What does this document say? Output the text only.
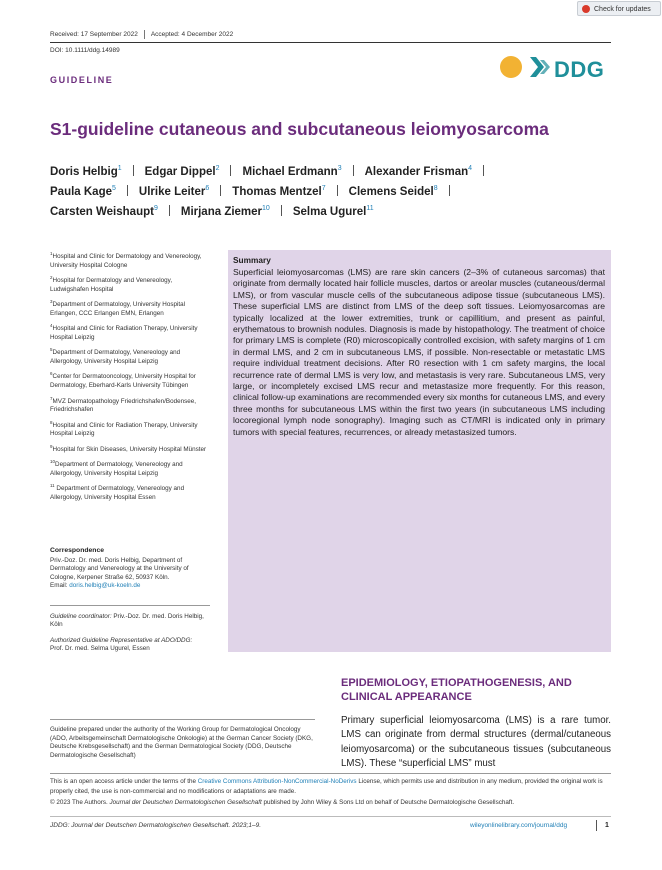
Check for updates
Received: 17 September 2022 Accepted: 4 December 2022
DOI: 10.1111/ddg.14989
GUIDELINE	DDG
S1-guideline cutaneous and subcutaneous leiomyosarcoma
Doris Helbig$^1$ Edgar Dippel$^2$ Michael Erdmann$^3$ Alexander Frisman$^4$
Paula Kage$^5$ Ulrike Leiter$^6$ Thomas Mentzel$^7$ Clemens Seidel$^8$
Carsten Weishaupt$^9$ Mirjana Ziemer$^{10}$ Selma Ugurel$^{11}$
$^1$Hospital and Clinic for Dermatology and Venereology, University Hospital Cologne
$^2$Hospital for Dermatology and Venereology, Ludwigshafen Hospital
$^3$Department of Dermatology, University Hospital Erlangen, CCC Erlangen EMN, Erlangen
$^4$Hospital and Clinic for Radiation Therapy, University Hospital Leipzig
$^5$Department of Dermatology, Venereology and Allergology, University Hospital Leipzig
$^6$Center for Dermatooncology, University Hospital for Dermatology, Eberhard-Karls University Tübingen
$^7$MVZ Dermatopathology Friedrichshafen/Bodensee, Friedrichshafen
$^8$Hospital and Clinic for Radiation Therapy, University Hospital Leipzig
$^9$Hospital for Skin Diseases, University Hospital Münster
$^{10}$Department of Dermatology, Venereology and Allergology, University Hospital Leipzig
$^{11}$ Department of Dermatology, Venereology and Allergology, University Hospital Essen
Correspondence
Priv.-Doz. Dr. med. Doris Helbig, Department of Dermatology and Venereology at the University of Cologne, Kerpener Straße 62, 50937 Köln.
Email: doris.helbig@uk-koeln.de
Guideline coordinator: Priv.-Doz. Dr. med. Doris Helbig, Köln
Authorized Guideline Representative at ADO/DDG:
Prof. Dr. med. Selma Ugurel, Essen
Summary
Superficial leiomyosarcomas (LMS) are rare skin cancers (2–3% of cutaneous sarcomas) that originate from dermally located hair follicle muscles, dartos or areolar muscles (cutaneous/dermal LMS), or from vascular muscle cells of the subcutaneous adipose tissue (subcutaneous LMS). These superficial LMS are distinct from LMS of the deep soft tissues. Leiomyosarcomas are typically localized at the lower extremities, trunk or capillitium, and present as painful, erythematous to brownish nodules. Diagnosis is made by histopathology. The treatment of choice for primary LMS is complete (R0) microscopically controlled excision, with safety margins of 1 cm in dermal LMS, and 2 cm in subcutaneous LMS, if possible. Non-resectable or metastatic LMS require individual treatment decisions. After R0 resection with 1 cm safety margins, the local recurrence rate of dermal LMS is very low, and metastasis is very rare. Subcutaneous LMS, very large, or incompletely excised LMS recur and metastasize more frequently. For this reason, clinical follow-up examinations are recommended every six months for cutaneous LMS, and every three months for subcutaneous LMS within the first two years (in subcutaneous LMS including locoregional lymph node sonography). Imaging such as CT/MRI is indicated only in primary tumors with special features, recurrences, or already metastasized tumors.
EPIDEMIOLOGY, ETIOPATHOGENESIS, AND CLINICAL APPEARANCE
Primary superficial leiomyosarcoma (LMS) is a rare tumor. LMS can originate from dermal structures (dermal/cutaneous leiomyosarcoma) or the subcutaneous tissues (subcutaneous LMS). These “superficial LMS” must
Guideline prepared under the authority of the Working Group for Dermatological Oncology (ADO, Arbeitsgemeinschaft Dermatologische Onkologie) at the German Cancer Society (DKG, Deutsche Krebsgesellschaft) and the German Dermatological Society (DDG, Deutsche Dermatologische Gesellschaft)
This is an open access article under the terms of the Creative Commons Attribution-NonCommercial-NoDerivs License, which permits use and distribution in any medium, provided the original work is properly cited, the use is non-commercial and no modifications or adaptations are made.
© 2023 The Authors. Journal der Deutschen Dermatologischen Gesellschaft published by John Wiley & Sons Ltd on behalf of Deutsche Dermatologische Gesellschaft.
JDDG: Journal der Deutschen Dermatologischen Gesellschaft. 2023;1–9.	wileyonlinelibrary.com/journal/ddg	1
